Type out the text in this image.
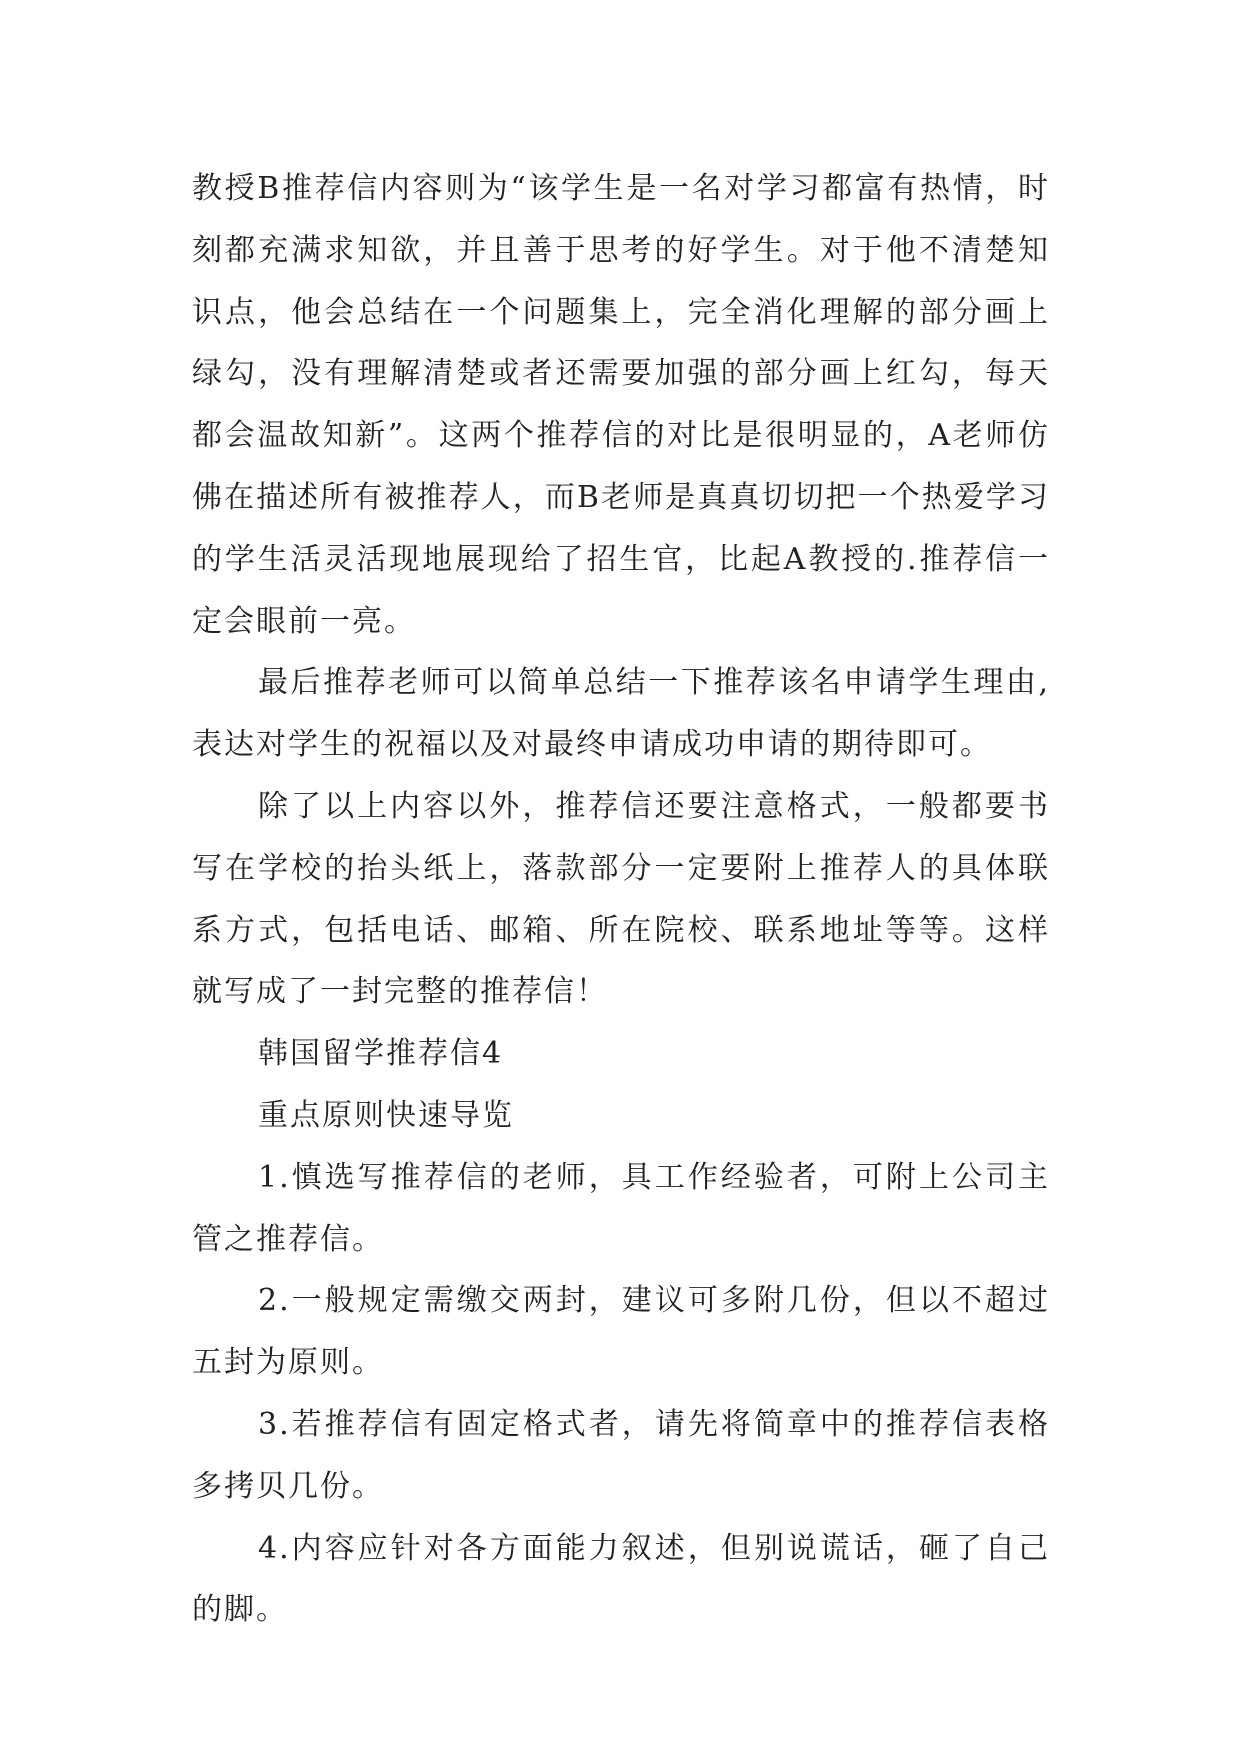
教授B推荐信内容则为“该学生是一名对学习都富有热情，时刻都充满求知欲，并且善于思考的好学生。对于他不清楚知识点，他会总结在一个问题集上，完全消化理解的部分画上绿勾，没有理解清楚或者还需要加强的部分画上红勾，每天都会温故知新”。这两个推荐信的对比是很明显的，A老师仿佛在描述所有被推荐人，而B老师是真真切切把一个热爱学习的学生活灵活现地展现给了招生官，比起A教授的.推荐信一定会眼前一亮。

最后推荐老师可以简单总结一下推荐该名申请学生理由,表达对学生的祝福以及对最终申请成功申请的期待即可。

除了以上内容以外，推荐信还要注意格式，一般都要书写在学校的抬头纸上，落款部分一定要附上推荐人的具体联系方式，包括电话、邮箱、所在院校、联系地址等等。这样就写成了一封完整的推荐信！

韩国留学推荐信4

重点原则快速导览

1.慎选写推荐信的老师，具工作经验者，可附上公司主管之推荐信。

2.一般规定需缴交两封，建议可多附几份，但以不超过五封为原则。

3.若推荐信有固定格式者，请先将简章中的推荐信表格多拷贝几份。

4.内容应针对各方面能力叙述，但别说谎话，砸了自己的脚。
